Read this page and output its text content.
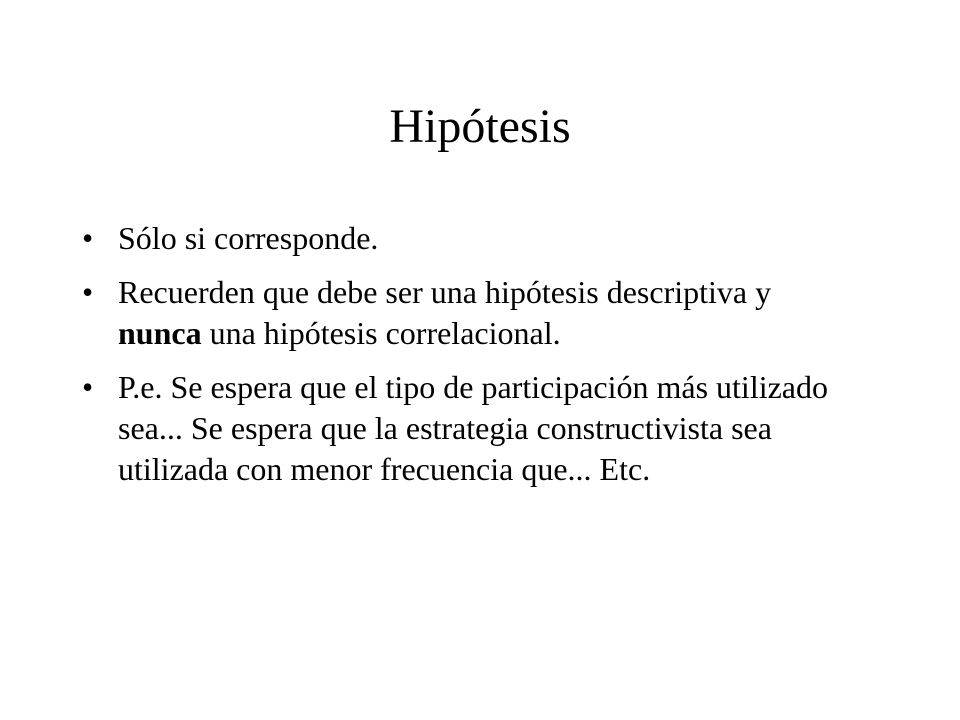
Hipótesis
• Sólo si corresponde.
• Recuerden que debe ser una hipótesis descriptiva y nunca una hipótesis correlacional.
• P.e. Se espera que el tipo de participación más utilizado sea... Se espera que la estrategia constructivista sea utilizada con menor frecuencia que... Etc.
